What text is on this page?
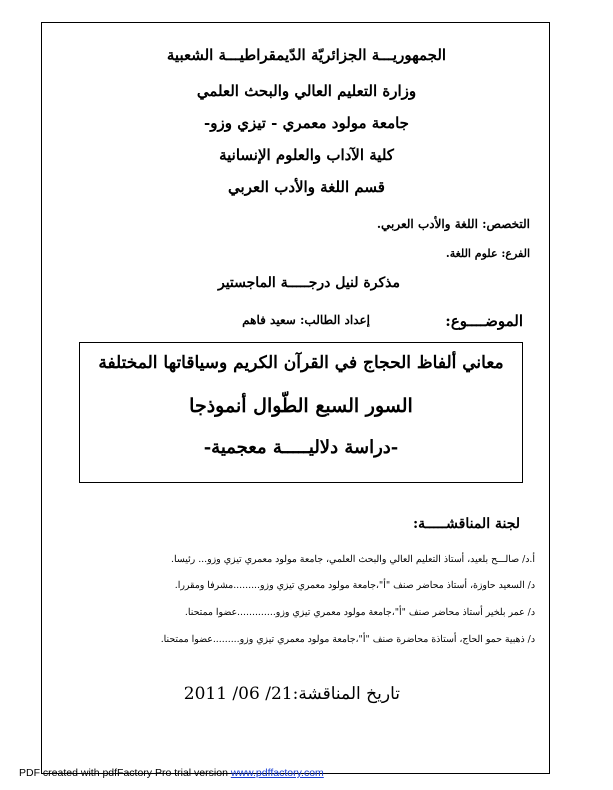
الجمهوريـــة الجزائريّة الدّيمقراطيـــة الشعبية
وزارة التعليم العالي والبحث العلمي
جامعة مولود معمري - تيزي وزو-
كلية الآداب والعلوم الإنسانية
قسم اللغة والأدب العربي
التخصص: اللغة والأدب العربي.
الفرع: علوم اللغة.
مذكرة لنيل درجـــــة الماجستير
الموضــــوع:
إعداد الطالب: سعيد فاهم
معاني ألفاظ الحجاج في القرآن الكريم وسياقاتها المختلفة
السور السبع الطّوال أنموذجا
-دراسة دلاليـــــة معجمية-
لجنة المناقشـــــة:
أ.د/ صالـــح بلعيد، أستاذ التعليم العالي والبحث العلمي، جامعة مولود معمري تيزي وزو... رئيسا.
د/ السعيد حاوزة، أستاذ محاضر صنف "أ"،جامعة مولود معمري تيزي وزو.........مشرفا ومقررا.
د/ عمر بلخير أستاذ محاضر صنف "أ"،جامعة مولود معمري تيزي وزو.............عضوا ممتحنا.
د/ ذهبية حمو الحاج، أستاذة محاضرة صنف "أ"،جامعة مولود معمري تيزي وزو.........عضوا ممتحنا.
تاريخ المناقشة:21/ 06/ 2011
PDF created with pdfFactory Pro trial version www.pdffactory.com
